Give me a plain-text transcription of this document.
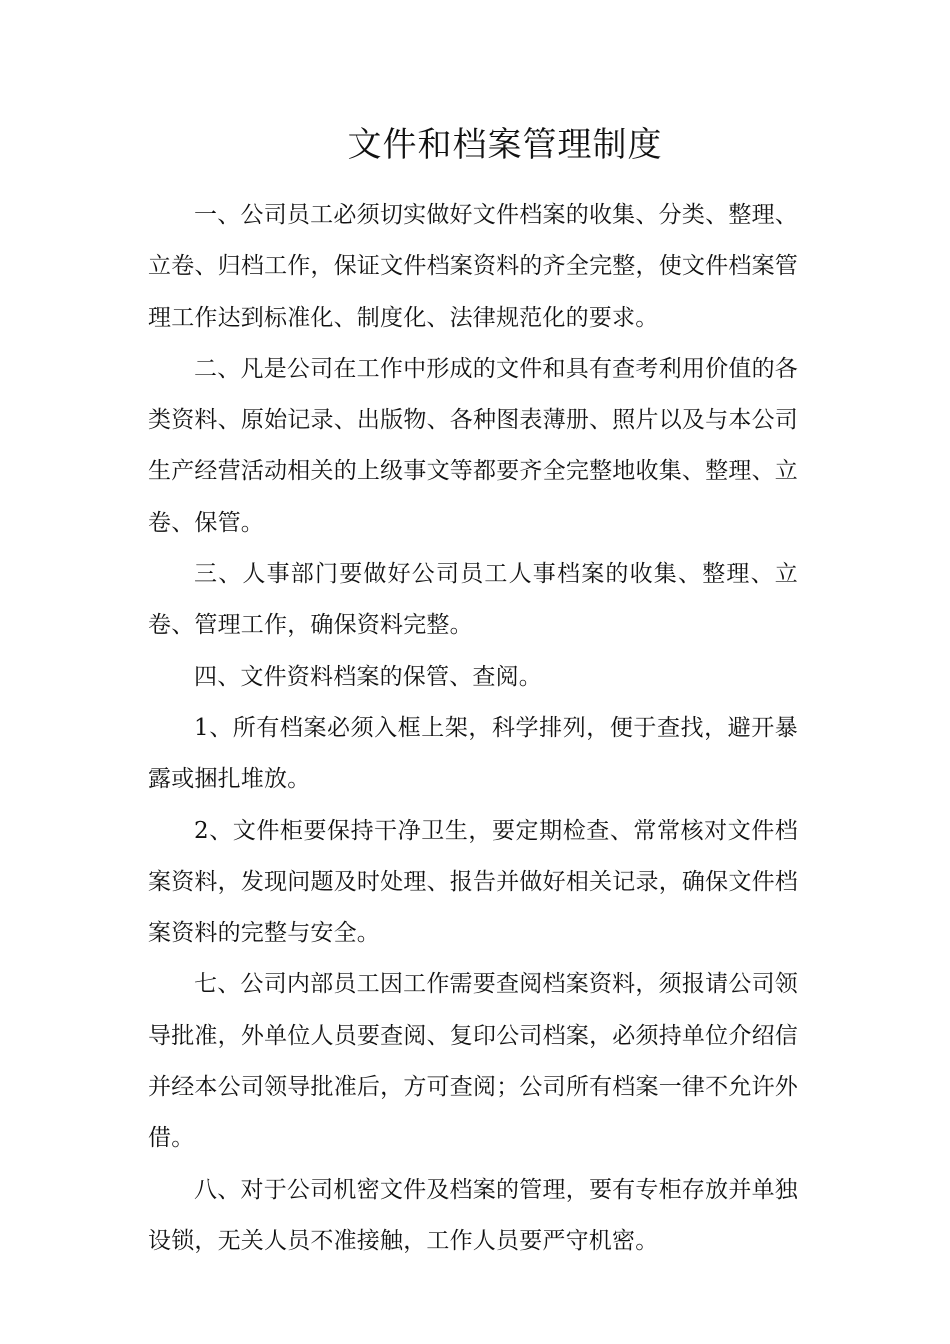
文件和档案管理制度

一、公司员工必须切实做好文件档案的收集、分类、整理、立卷、归档工作，保证文件档案资料的齐全完整，使文件档案管理工作达到标准化、制度化、法律规范化的要求。

二、凡是公司在工作中形成的文件和具有查考利用价值的各类资料、原始记录、出版物、各种图表薄册、照片以及与本公司生产经营活动相关的上级事文等都要齐全完整地收集、整理、立卷、保管。

三、人事部门要做好公司员工人事档案的收集、整理、立卷、管理工作，确保资料完整。

四、文件资料档案的保管、查阅。

1、所有档案必须入框上架，科学排列，便于查找，避开暴露或捆扎堆放。

2、文件柜要保持干净卫生，要定期检查、常常核对文件档案资料，发现问题及时处理、报告并做好相关记录，确保文件档案资料的完整与安全。

七、公司内部员工因工作需要查阅档案资料，须报请公司领导批准，外单位人员要查阅、复印公司档案，必须持单位介绍信并经本公司领导批准后，方可查阅；公司所有档案一律不允许外借。

八、对于公司机密文件及档案的管理，要有专柜存放并单独设锁，无关人员不准接触，工作人员要严守机密。
